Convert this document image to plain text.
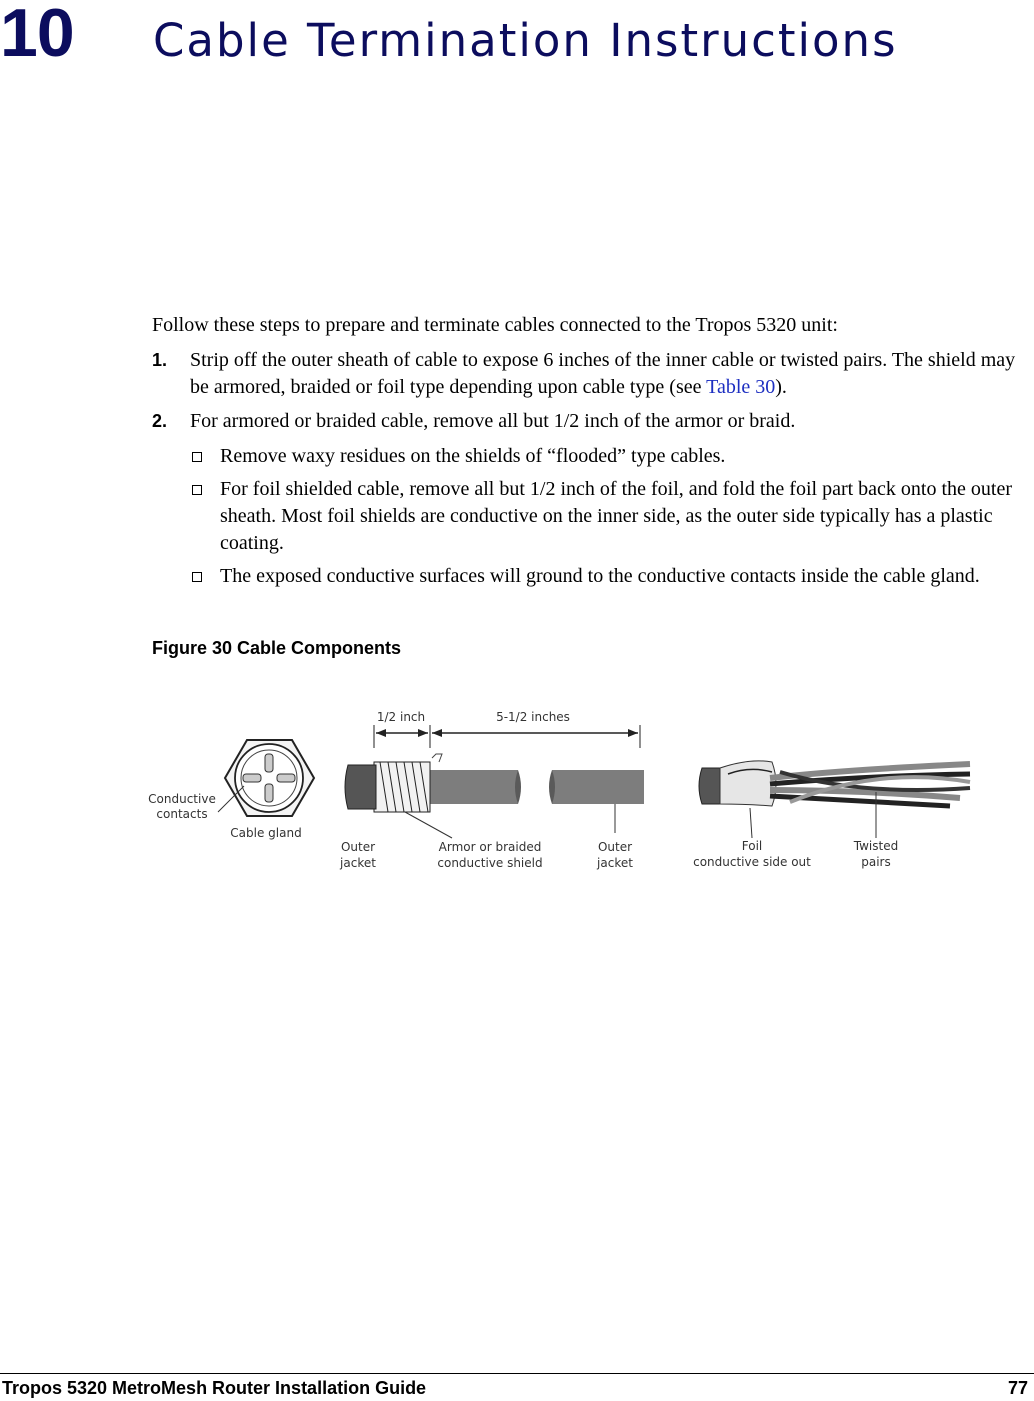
10 Cable Termination Instructions

Follow these steps to prepare and terminate cables connected to the Tropos 5320 unit:

1. Strip off the outer sheath of cable to expose 6 inches of the inner cable or twisted pairs. The shield may be armored, braided or foil type depending upon cable type (see Table 30).
2. For armored or braided cable, remove all but 1/2 inch of the armor or braid.
Remove waxy residues on the shields of “flooded” type cables.
For foil shielded cable, remove all but 1/2 inch of the foil, and fold the foil part back onto the outer sheath. Most foil shields are conductive on the inner side, as the outer side typically has a plastic coating.
The exposed conductive surfaces will ground to the conductive contacts inside the cable gland.
Figure 30 Cable Components
Conductive
contacts
Cable gland
1/2 inch	5-1/2 inches
Outer
jacket
Armor or braided
conductive shield
Outer
jacket
Foil
conductive side out
Twisted
pairs
Tropos 5320 MetroMesh Router Installation Guide	77
